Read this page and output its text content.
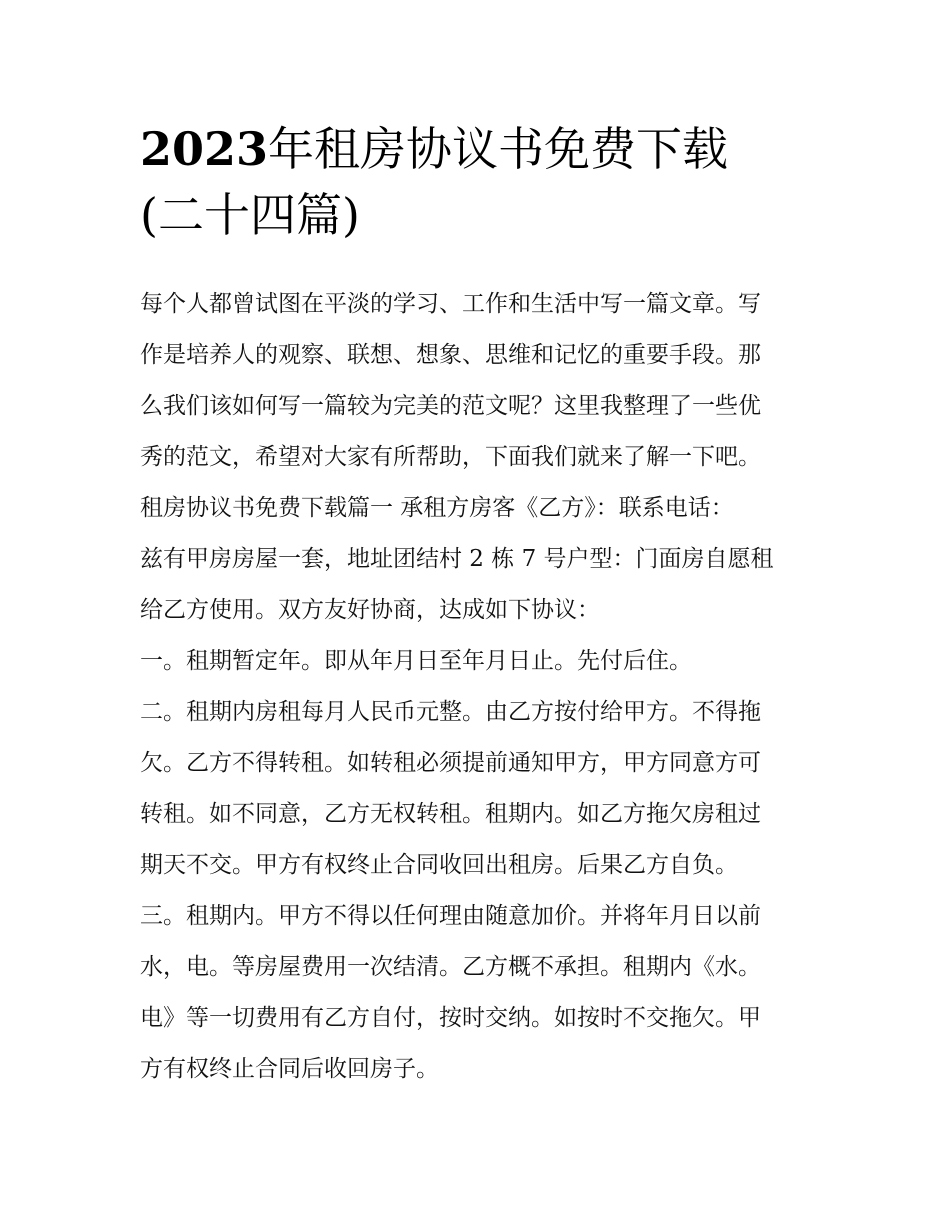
2023年租房协议书免费下载
(二十四篇)
每个人都曾试图在平淡的学习、工作和生活中写一篇文章。写
作是培养人的观察、联想、想象、思维和记忆的重要手段。那
么我们该如何写一篇较为完美的范文呢？这里我整理了一些优
秀的范文，希望对大家有所帮助，下面我们就来了解一下吧。
租房协议书免费下载篇一 承租方房客《乙方》：联系电话：
兹有甲房房屋一套，地址团结村 2 栋 7 号户型：门面房自愿租
给乙方使用。双方友好协商，达成如下协议：
一。租期暂定年。即从年月日至年月日止。先付后住。
二。租期内房租每月人民币元整。由乙方按付给甲方。不得拖
欠。乙方不得转租。如转租必须提前通知甲方，甲方同意方可
转租。如不同意，乙方无权转租。租期内。如乙方拖欠房租过
期天不交。甲方有权终止合同收回出租房。后果乙方自负。
三。租期内。甲方不得以任何理由随意加价。并将年月日以前
水，电。等房屋费用一次结清。乙方概不承担。租期内《水。
电》等一切费用有乙方自付，按时交纳。如按时不交拖欠。甲
方有权终止合同后收回房子。
